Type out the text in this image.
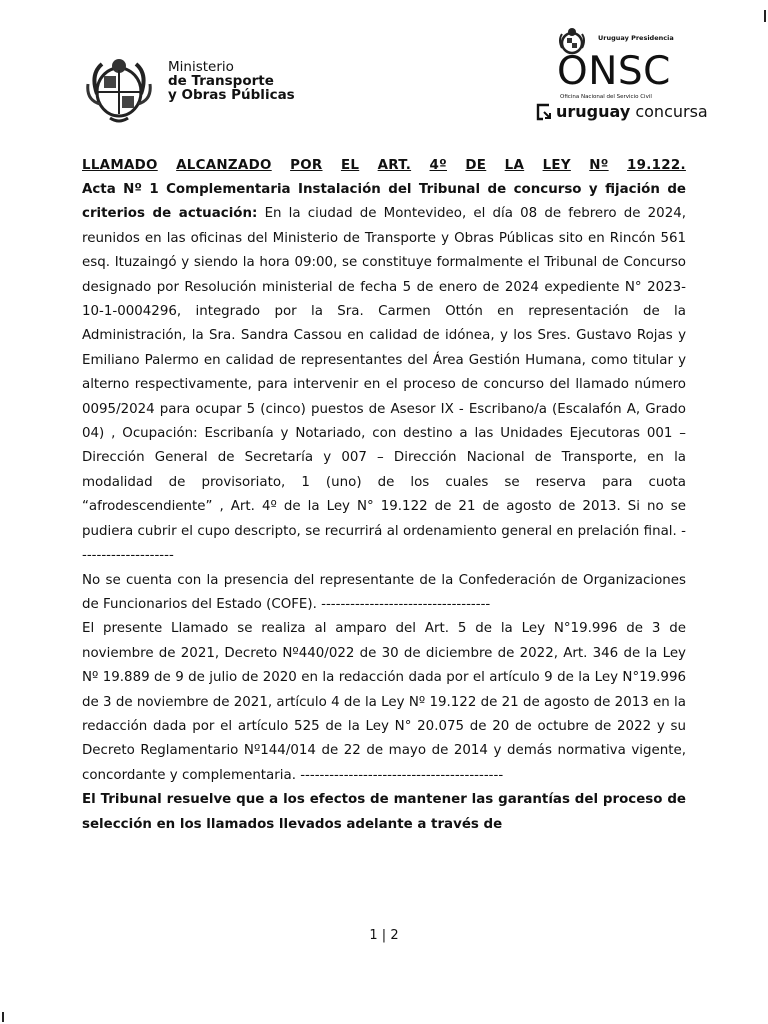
Ministerio
de Transporte
y Obras Públicas
Uruguay Presidencia
ONSC
Oficina Nacional del Servicio Civil
uruguay concursa
LLAMADO ALCANZADO POR EL ART. 4º DE LA LEY Nº 19.122.

Acta Nº 1 Complementaria Instalación del Tribunal de concurso y fijación de criterios de actuación: En la ciudad de Montevideo, el día 08 de febrero de 2024, reunidos en las oficinas del Ministerio de Transporte y Obras Públicas sito en Rincón 561 esq. Ituzaingó y siendo la hora 09:00, se constituye formalmente el Tribunal de Concurso designado por Resolución ministerial de fecha 5 de enero de 2024 expediente N° 2023-10-1-0004296, integrado por la Sra. Carmen Ottón en representación de la Administración, la Sra. Sandra Cassou en calidad de idónea, y los Sres. Gustavo Rojas y Emiliano Palermo en calidad de representantes del Área Gestión Humana, como titular y alterno respectivamente, para intervenir en el proceso de concurso del llamado número 0095/2024 para ocupar 5 (cinco) puestos de Asesor IX - Escribano/a (Escalafón A, Grado 04) , Ocupación: Escribanía y Notariado, con destino a las Unidades Ejecutoras 001 – Dirección General de Secretaría y 007 – Dirección Nacional de Transporte, en la modalidad de provisoriato, 1 (uno) de los cuales se reserva para cuota “afrodescendiente” , Art. 4º de la Ley N° 19.122 de 21 de agosto de 2013. Si no se pudiera cubrir el cupo descripto, se recurrirá al ordenamiento general en prelación final. --------------------

No se cuenta con la presencia del representante de la Confederación de Organizaciones de Funcionarios del Estado (COFE). -----------------------------------

El presente Llamado se realiza al amparo del Art. 5 de la Ley N°19.996 de 3 de noviembre de 2021, Decreto Nº440/022 de 30 de diciembre de 2022, Art. 346 de la Ley Nº 19.889 de 9 de julio de 2020 en la redacción dada por el artículo 9 de la Ley N°19.996 de 3 de noviembre de 2021, artículo 4 de la Ley Nº 19.122 de 21 de agosto de 2013 en la redacción dada por el artículo 525 de la Ley N° 20.075 de 20 de octubre de 2022 y su Decreto Reglamentario Nº144/014 de 22 de mayo de 2014 y demás normativa vigente, concordante y complementaria. ------------------------------------------

El Tribunal resuelve que a los efectos de mantener las garantías del proceso de selección en los llamados llevados adelante a través de

1 | 2
